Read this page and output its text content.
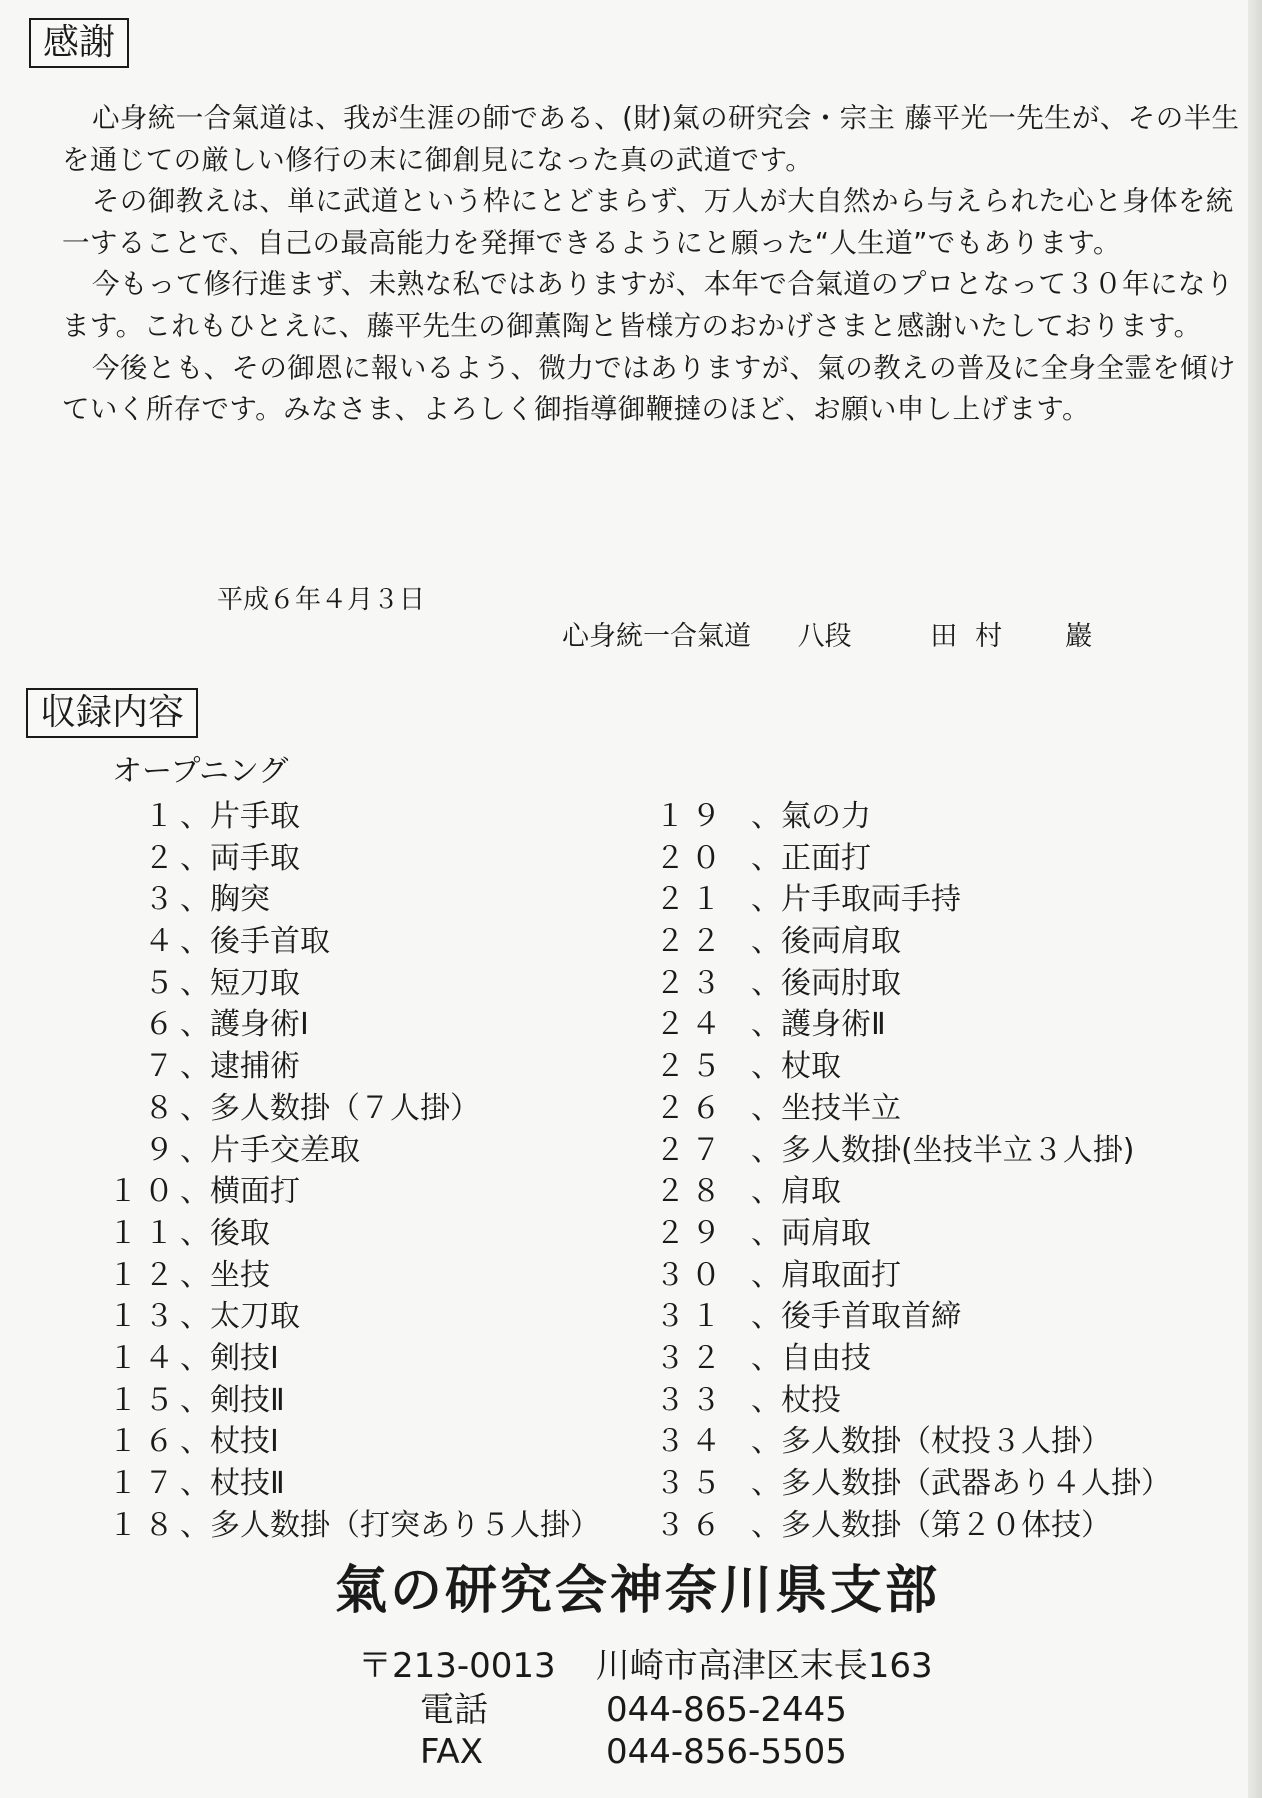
感謝

心身統一合氣道は、我が生涯の師である、(財)氣の研究会・宗主 藤平光一先生が、その半生を通じての厳しい修行の末に御創見になった真の武道です。

その御教えは、単に武道という枠にとどまらず、万人が大自然から与えられた心と身体を統一することで、自己の最高能力を発揮できるようにと願った“人生道”でもあります。

今もって修行進まず、未熟な私ではありますが、本年で合氣道のプロとなって３０年になります。これもひとえに、藤平先生の御薫陶と皆様方のおかげさまと感謝いたしております。

今後とも、その御恩に報いるよう、微力ではありますが、氣の教えの普及に全身全霊を傾けていく所存です。みなさま、よろしく御指導御鞭撻のほど、お願い申し上げます。

平成６年４月３日
心身統一合氣道 八段	田村　巖
収録内容
オープニング
１、片手取
２、両手取
３、胸突
４、後手首取
５、短刀取
６、護身術Ⅰ
７、逮捕術
８、多人数掛（７人掛）
９、片手交差取
１０、横面打
１１、後取
１２、坐技
１３、太刀取
１４、剣技Ⅰ
１５、剣技Ⅱ
１６、杖技Ⅰ
１７、杖技Ⅱ
１８、多人数掛（打突あり５人掛）
１９ 、氣の力
２０ 、正面打
２１ 、片手取両手持
２２ 、後両肩取
２３ 、後両肘取
２４ 、護身術Ⅱ
２５ 、杖取
２６ 、坐技半立
２７ 、多人数掛(坐技半立３人掛)
２８ 、肩取
２９ 、両肩取
３０ 、肩取面打
３１ 、後手首取首締
３２ 、自由技
３３ 、杖投
３４ 、多人数掛（杖投３人掛）
３５ 、多人数掛（武器あり４人掛）
３６ 、多人数掛（第２０体技）
氣の研究会神奈川県支部
〒213-0013 川崎市高津区末長163
電話	044-865-2445
FAX	044-856-5505
